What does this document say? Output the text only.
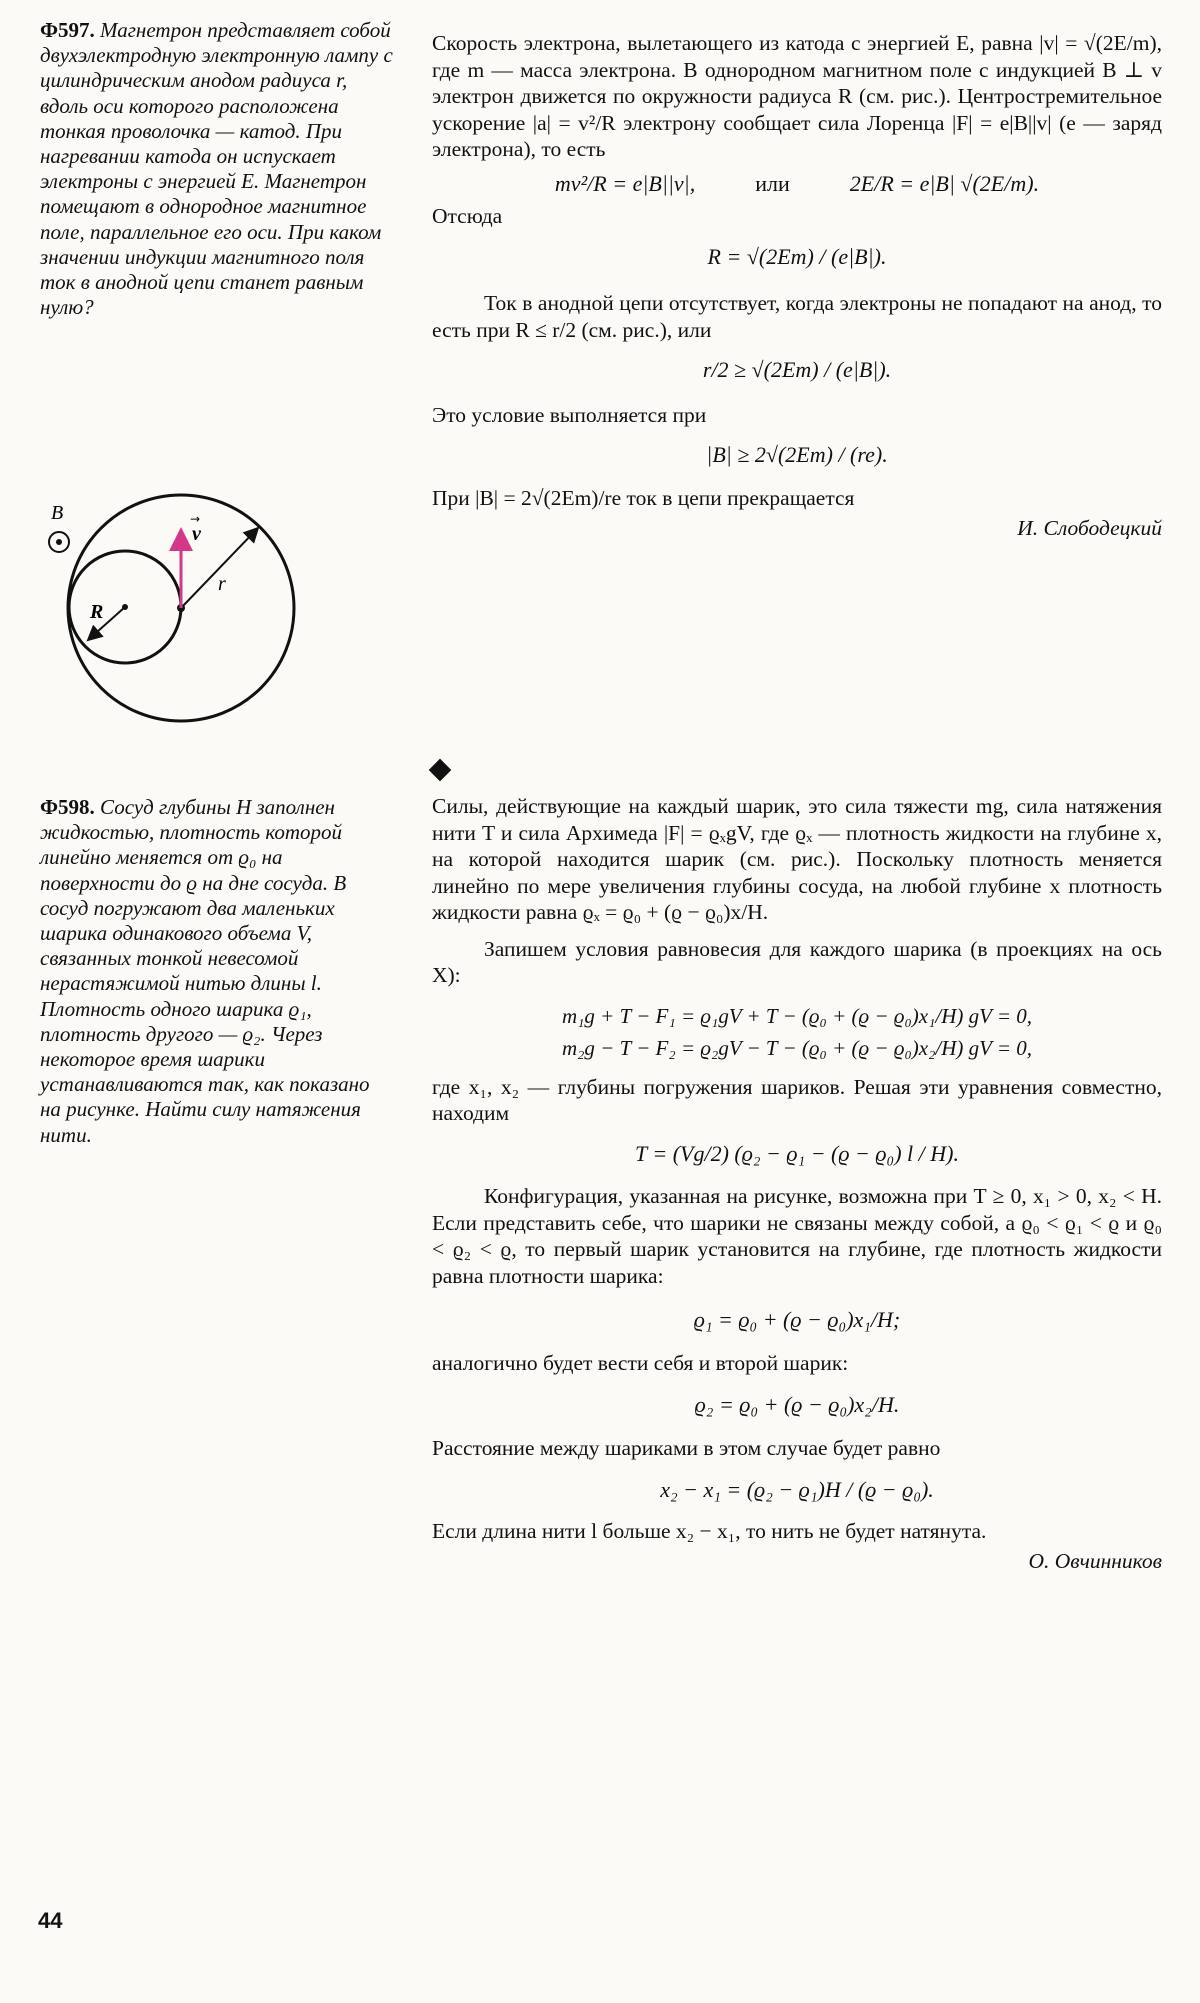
Ф597. Магнетрон представляет собой двухэлектродную электронную лампу с цилиндрическим анодом радиуса r, вдоль оси которого расположена тонкая проволочка — катод. При нагревании катода он испускает электроны с энергией E. Магнетрон помещают в однородное магнитное поле, параллельное его оси. При каком значении индукции магнитного поля ток в анодной цепи станет равным нулю?
B
r
v
→
R

Скорость электрона, вылетающего из катода с энергией E, равна |v| = √(2E/m), где m — масса электрона. В однородном магнитном поле с индукцией B ⊥ v электрон движется по окружности радиуса R (см. рис.). Центростремительное ускорение |a| = v²/R электрону сообщает сила Лоренца |F| = e|B||v| (e — заряд электрона), то есть

mv²/R = e|B||v|,	или	2E/R = e|B| √(2E/m).

Отсюда

R = √(2Em) / (e|B|).

Ток в анодной цепи отсутствует, когда электроны не попадают на анод, то есть при R ≤ r/2 (см. рис.), или

r/2 ≥ √(2Em) / (e|B|).

Это условие выполняется при

|B| ≥ 2√(2Em) / (re).

При |B| = 2√(2Em)/re ток в цепи прекращается

И. Слободецкий

Ф598. Сосуд глубины H заполнен жидкостью, плотность которой линейно меняется от ϱ₀ на поверхности до ϱ на дне сосуда. В сосуд погружают два маленьких шарика одинакового объема V, связанных тонкой невесомой нерастяжимой нитью длины l. Плотность одного шарика ϱ₁, плотность другого — ϱ₂. Через некоторое время шарики устанавливаются так, как показано на рисунке. Найти силу натяжения нити.

Силы, действующие на каждый шарик, это сила тяжести mg, сила натяжения нити T и сила Архимеда |F| = ϱₓgV, где ϱₓ — плотность жидкости на глубине x, на которой находится шарик (см. рис.). Поскольку плотность меняется линейно по мере увеличения глубины сосуда, на любой глубине x плотность жидкости равна ϱₓ = ϱ₀ + (ϱ − ϱ₀)x/H.

Запишем условия равновесия для каждого шарика (в проекциях на ось X):

m₁g + T − F₁ = ϱ₁gV + T − (ϱ₀ + (ϱ − ϱ₀)x₁/H) gV = 0,
m₂g − T − F₂ = ϱ₂gV − T − (ϱ₀ + (ϱ − ϱ₀)x₂/H) gV = 0,

где x₁, x₂ — глубины погружения шариков. Решая эти уравнения совместно, находим

T = (Vg/2) (ϱ₂ − ϱ₁ − (ϱ − ϱ₀) l / H).

Конфигурация, указанная на рисунке, возможна при T ≥ 0, x₁ > 0, x₂ < H. Если представить себе, что шарики не связаны между собой, а ϱ₀ < ϱ₁ < ϱ и ϱ₀ < ϱ₂ < ϱ, то первый шарик установится на глубине, где плотность жидкости равна плотности шарика:

ϱ₁ = ϱ₀ + (ϱ − ϱ₀)x₁/H;

аналогично будет вести себя и второй шарик:

ϱ₂ = ϱ₀ + (ϱ − ϱ₀)x₂/H.

Расстояние между шариками в этом случае будет равно

x₂ − x₁ = (ϱ₂ − ϱ₁)H / (ϱ − ϱ₀).

Если длина нити l больше x₂ − x₁, то нить не будет натянута.

О. Овчинников

44
